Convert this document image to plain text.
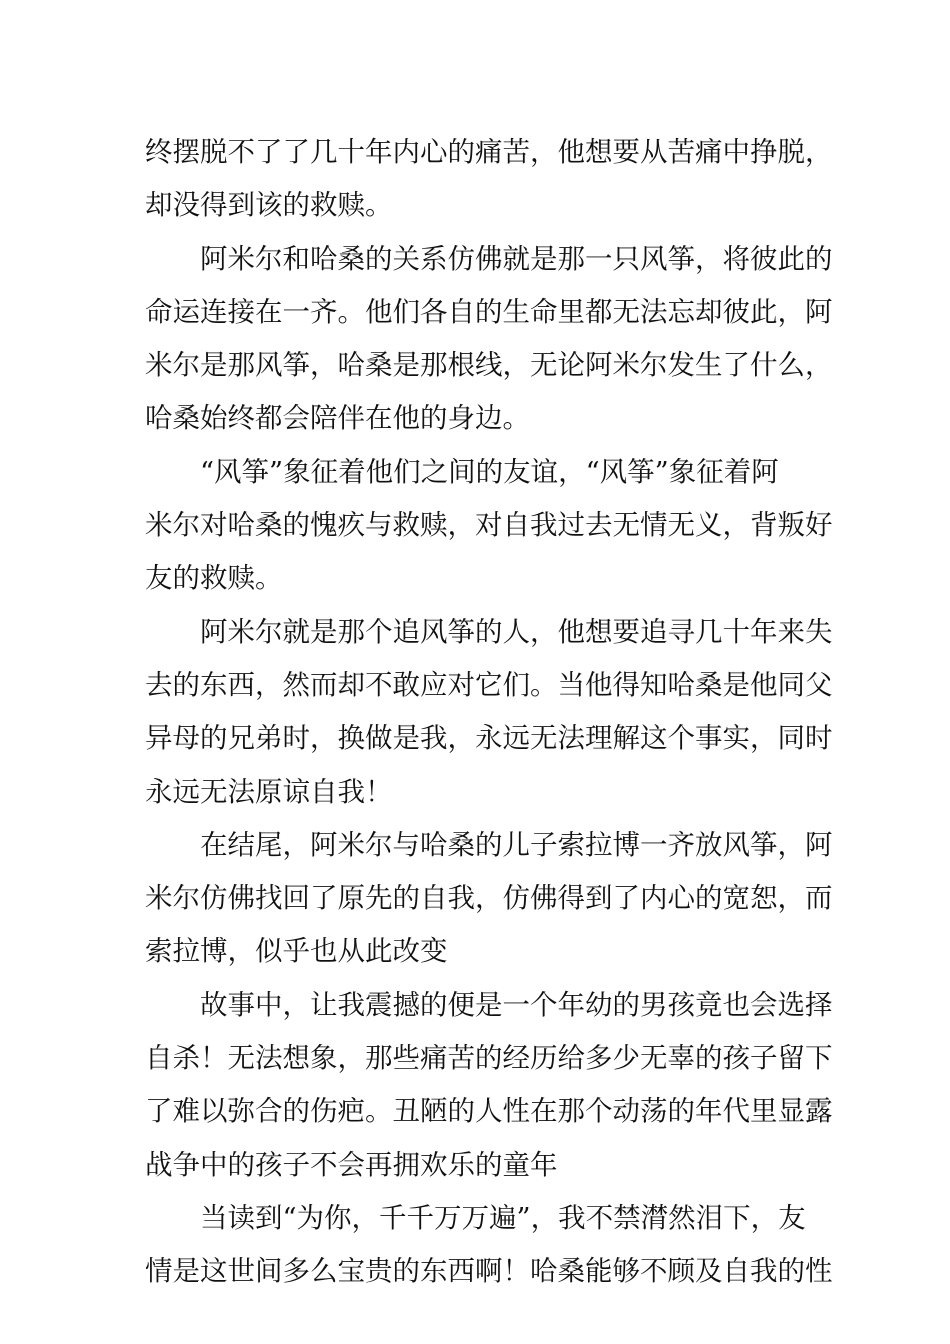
终摆脱不了了几十年内心的痛苦，他想要从苦痛中挣脱，
却没得到该的救赎。
阿米尔和哈桑的关系仿佛就是那一只风筝，将彼此的
命运连接在一齐。他们各自的生命里都无法忘却彼此，阿
米尔是那风筝，哈桑是那根线，无论阿米尔发生了什么，
哈桑始终都会陪伴在他的身边。
“风筝”象征着他们之间的友谊，“风筝”象征着阿
米尔对哈桑的愧疚与救赎，对自我过去无情无义，背叛好
友的救赎。
阿米尔就是那个追风筝的人，他想要追寻几十年来失
去的东西，然而却不敢应对它们。当他得知哈桑是他同父
异母的兄弟时，换做是我，永远无法理解这个事实，同时
永远无法原谅自我！
在结尾，阿米尔与哈桑的儿子索拉博一齐放风筝，阿
米尔仿佛找回了原先的自我，仿佛得到了内心的宽恕，而
索拉博，似乎也从此改变
故事中，让我震撼的便是一个年幼的男孩竟也会选择
自杀！无法想象，那些痛苦的经历给多少无辜的孩子留下
了难以弥合的伤疤。丑陋的人性在那个动荡的年代里显露
战争中的孩子不会再拥欢乐的童年
当读到“为你，千千万万遍”，我不禁潸然泪下，友
情是这世间多么宝贵的东西啊！哈桑能够不顾及自我的性
